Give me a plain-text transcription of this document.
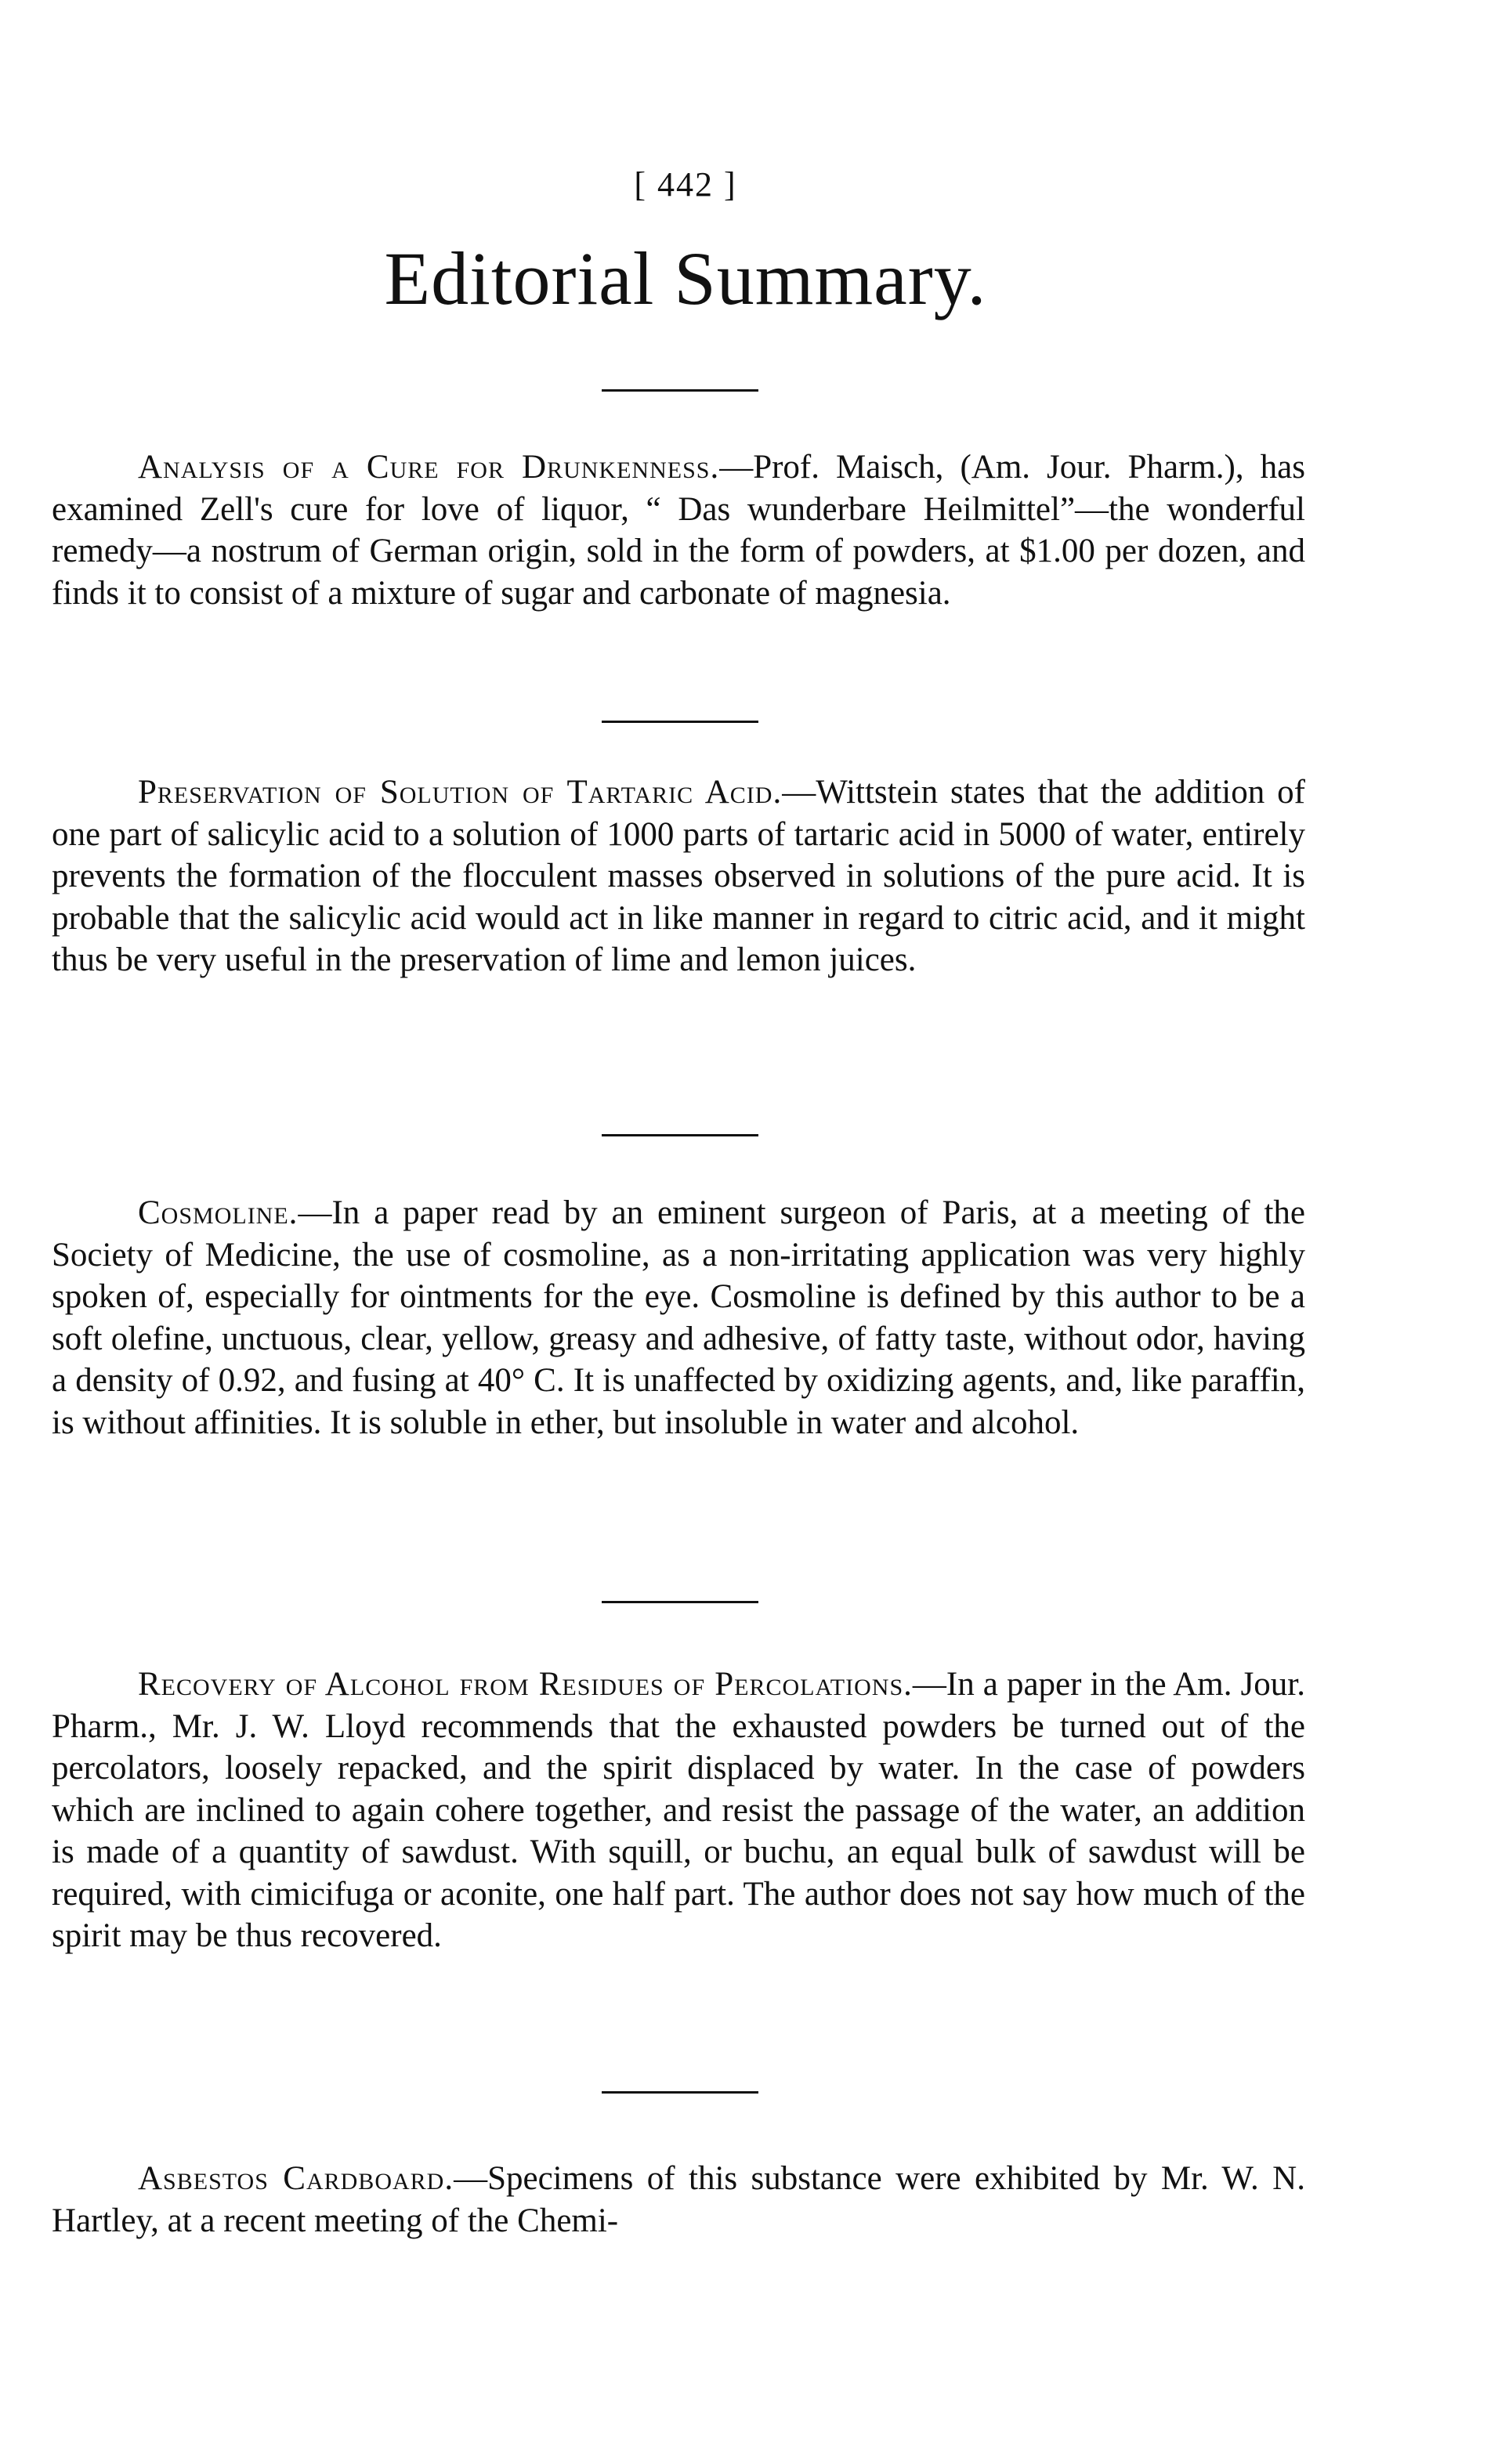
[ 442 ]
Editorial Summary.

Analysis of a Cure for Drunkenness.—Prof. Maisch, (Am. Jour. Pharm.), has examined Zell's cure for love of liquor, “ Das wunderbare Heilmittel”—the wonderful remedy—a nostrum of German origin, sold in the form of powders, at $1.00 per dozen, and finds it to consist of a mixture of sugar and carbonate of magnesia.

Preservation of Solution of Tartaric Acid.—Wittstein states that the addition of one part of salicylic acid to a solution of 1000 parts of tartaric acid in 5000 of water, entirely prevents the formation of the flocculent masses observed in solutions of the pure acid. It is probable that the salicylic acid would act in like manner in regard to citric acid, and it might thus be very useful in the preservation of lime and lemon juices.

Cosmoline.—In a paper read by an eminent surgeon of Paris, at a meeting of the Society of Medicine, the use of cosmoline, as a non-irritating application was very highly spoken of, especially for ointments for the eye. Cosmoline is defined by this author to be a soft olefine, unctuous, clear, yellow, greasy and adhesive, of fatty taste, without odor, having a density of 0.92, and fusing at 40° C. It is unaffected by oxidizing agents, and, like paraffin, is without affinities. It is soluble in ether, but insoluble in water and alcohol.

Recovery of Alcohol from Residues of Percolations.—In a paper in the Am. Jour. Pharm., Mr. J. W. Lloyd recommends that the exhausted powders be turned out of the percolators, loosely repacked, and the spirit displaced by water. In the case of powders which are inclined to again cohere together, and resist the passage of the water, an addition is made of a quantity of sawdust. With squill, or buchu, an equal bulk of sawdust will be required, with cimicifuga or aconite, one half part. The author does not say how much of the spirit may be thus recovered.

Asbestos Cardboard.—Specimens of this substance were exhibited by Mr. W. N. Hartley, at a recent meeting of the Chemi-
